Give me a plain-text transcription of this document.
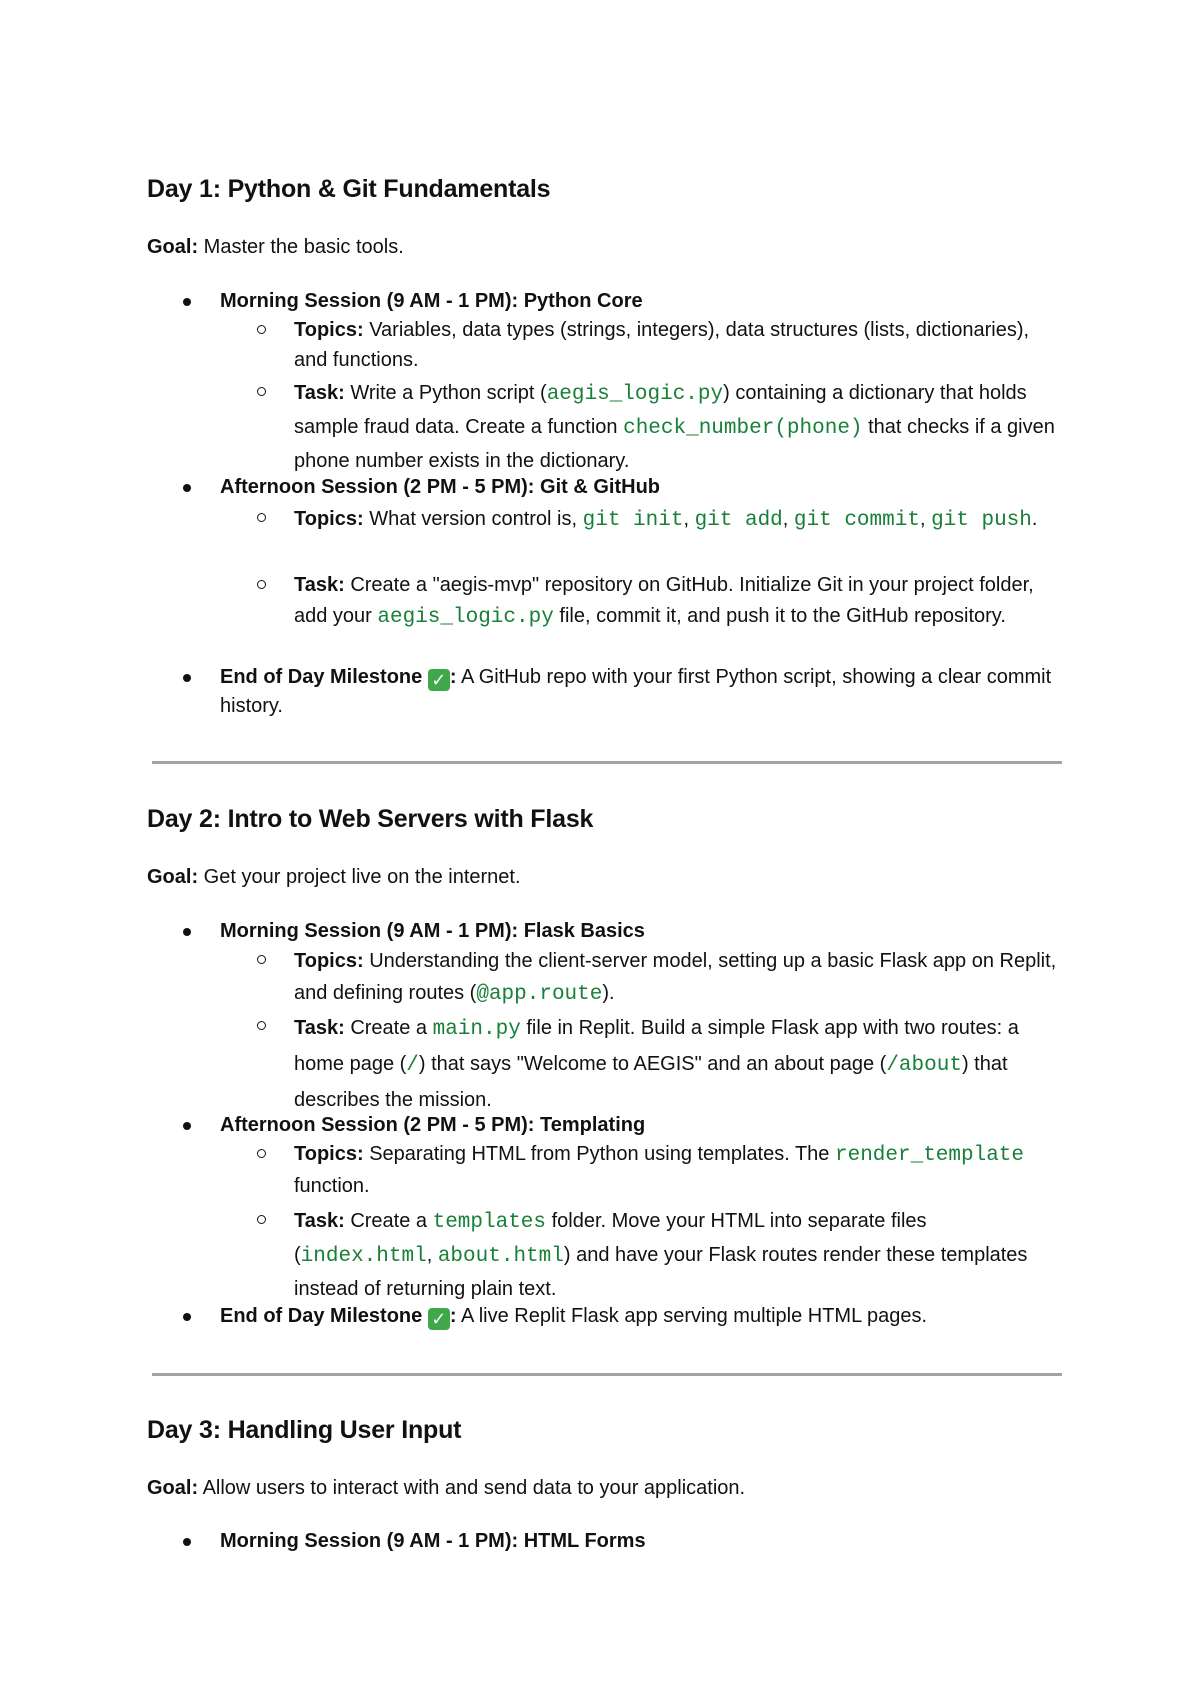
Day 1: Python & Git Fundamentals

Goal: Master the basic tools.

Morning Session (9 AM - 1 PM): Python Core

Topics: Variables, data types (strings, integers), data structures (lists, dictionaries), and functions.

Task: Write a Python script (aegis_logic.py) containing a dictionary that holds sample fraud data. Create a function check_number(phone) that checks if a given phone number exists in the dictionary.

Afternoon Session (2 PM - 5 PM): Git & GitHub

Topics: What version control is, git init, git add, git commit, git push.

Task: Create a "aegis-mvp" repository on GitHub. Initialize Git in your project folder, add your aegis_logic.py file, commit it, and push it to the GitHub repository.

End of Day Milestone ✓ : A GitHub repo with your first Python script, showing a clear commit history.

Day 2: Intro to Web Servers with Flask

Goal: Get your project live on the internet.

Morning Session (9 AM - 1 PM): Flask Basics

Topics: Understanding the client-server model, setting up a basic Flask app on Replit, and defining routes (@app.route).

Task: Create a main.py file in Replit. Build a simple Flask app with two routes: a home page (/) that says "Welcome to AEGIS" and an about page (/about) that describes the mission.

Afternoon Session (2 PM - 5 PM): Templating

Topics: Separating HTML from Python using templates. The render_template function.

Task: Create a templates folder. Move your HTML into separate files (index.html, about.html) and have your Flask routes render these templates instead of returning plain text.

End of Day Milestone ✓ : A live Replit Flask app serving multiple HTML pages.

Day 3: Handling User Input

Goal: Allow users to interact with and send data to your application.

Morning Session (9 AM - 1 PM): HTML Forms
